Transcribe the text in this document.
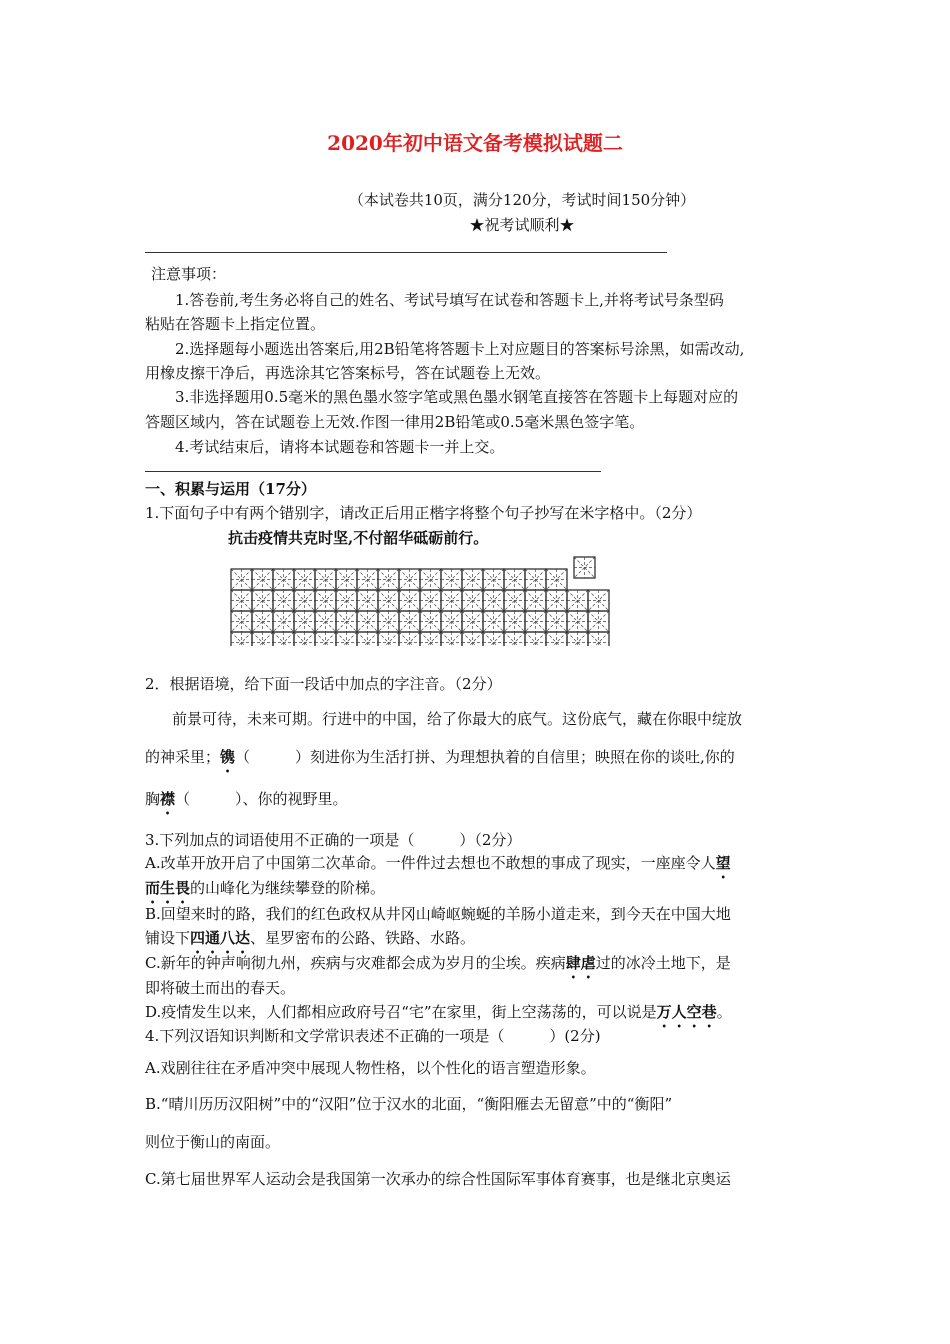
2020年初中语文备考模拟试题二
（本试卷共10页，满分120分，考试时间150分钟）
★祝考试顺利★
注意事项：
1.答卷前,考生务必将自己的姓名、考试号填写在试卷和答题卡上,并将考试号条型码
粘贴在答题卡上指定位置。
2.选择题每小题选出答案后,用2B铅笔将答题卡上对应题目的答案标号涂黑，如需改动,
用橡皮擦干净后，再选涂其它答案标号，答在试题卷上无效。
3.非选择题用0.5毫米的黑色墨水签字笔或黑色墨水钢笔直接答在答题卡上每题对应的
答题区域内，答在试题卷上无效.作图一律用2B铅笔或0.5毫米黑色签字笔。
4.考试结束后，请将本试题卷和答题卡一并上交。
一、积累与运用（17分）
1.下面句子中有两个错别字，请改正后用正楷字将整个句子抄写在米字格中。（2分）
抗击疫情共克时坚,不付韶华砥砺前行。
2．根据语境，给下面一段话中加点的字注音。（2分）
前景可待，未来可期。行进中的中国，给了你最大的底气。这份底气，藏在你眼中绽放
的神采里；镌（　　　）刻进你为生活打拼、为理想执着的自信里；映照在你的谈吐,你的
胸襟（　　　）、你的视野里。
3.下列加点的词语使用不正确的一项是（　　　）（2分）
A.改革开放开启了中国第二次革命。一件件过去想也不敢想的事成了现实，一座座令人望
而生畏的山峰化为继续攀登的阶梯。
B.回望来时的路，我们的红色政权从井冈山崎岖蜿蜒的羊肠小道走来，到今天在中国大地
铺设下四通八达、星罗密布的公路、铁路、水路。
C.新年的钟声响彻九州，疾病与灾难都会成为岁月的尘埃。疾病肆虐过的冰冷土地下，是
即将破土而出的春天。
D.疫情发生以来，人们都相应政府号召“宅”在家里，街上空荡荡的，可以说是万人空巷。
4.下列汉语知识判断和文学常识表述不正确的一项是（　　　）(2分)
A.戏剧往往在矛盾冲突中展现人物性格，以个性化的语言塑造形象。
B.“晴川历历汉阳树”中的“汉阳”位于汉水的北面，“衡阳雁去无留意”中的“衡阳”
则位于衡山的南面。
C.第七届世界军人运动会是我国第一次承办的综合性国际军事体育赛事，也是继北京奥运
